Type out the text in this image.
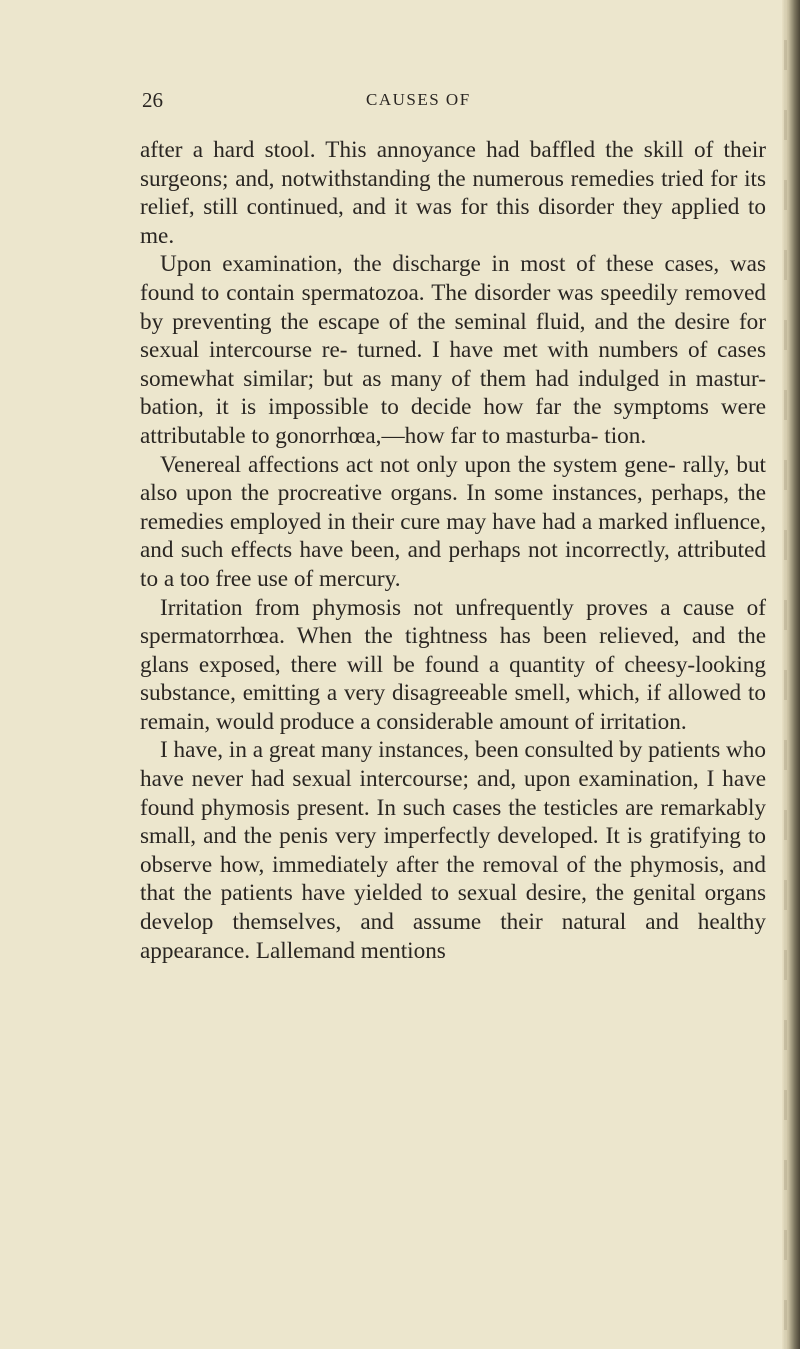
26	CAUSES OF

after a hard stool. This annoyance had baffled the skill of their surgeons; and, notwithstanding the numerous remedies tried for its relief, still continued, and it was for this disorder they applied to me.

Upon examination, the discharge in most of these cases, was found to contain spermatozoa. The disorder was speedily removed by preventing the escape of the seminal fluid, and the desire for sexual intercourse re- turned. I have met with numbers of cases somewhat similar; but as many of them had indulged in mastur- bation, it is impossible to decide how far the symptoms were attributable to gonorrhœa,—how far to masturba- tion.

Venereal affections act not only upon the system gene- rally, but also upon the procreative organs. In some instances, perhaps, the remedies employed in their cure may have had a marked influence, and such effects have been, and perhaps not incorrectly, attributed to a too free use of mercury.

Irritation from phymosis not unfrequently proves a cause of spermatorrhœa. When the tightness has been relieved, and the glans exposed, there will be found a quantity of cheesy-looking substance, emitting a very disagreeable smell, which, if allowed to remain, would produce a considerable amount of irritation.

I have, in a great many instances, been consulted by patients who have never had sexual intercourse; and, upon examination, I have found phymosis present. In such cases the testicles are remarkably small, and the penis very imperfectly developed. It is gratifying to observe how, immediately after the removal of the phymosis, and that the patients have yielded to sexual desire, the genital organs develop themselves, and assume their natural and healthy appearance. Lallemand mentions
